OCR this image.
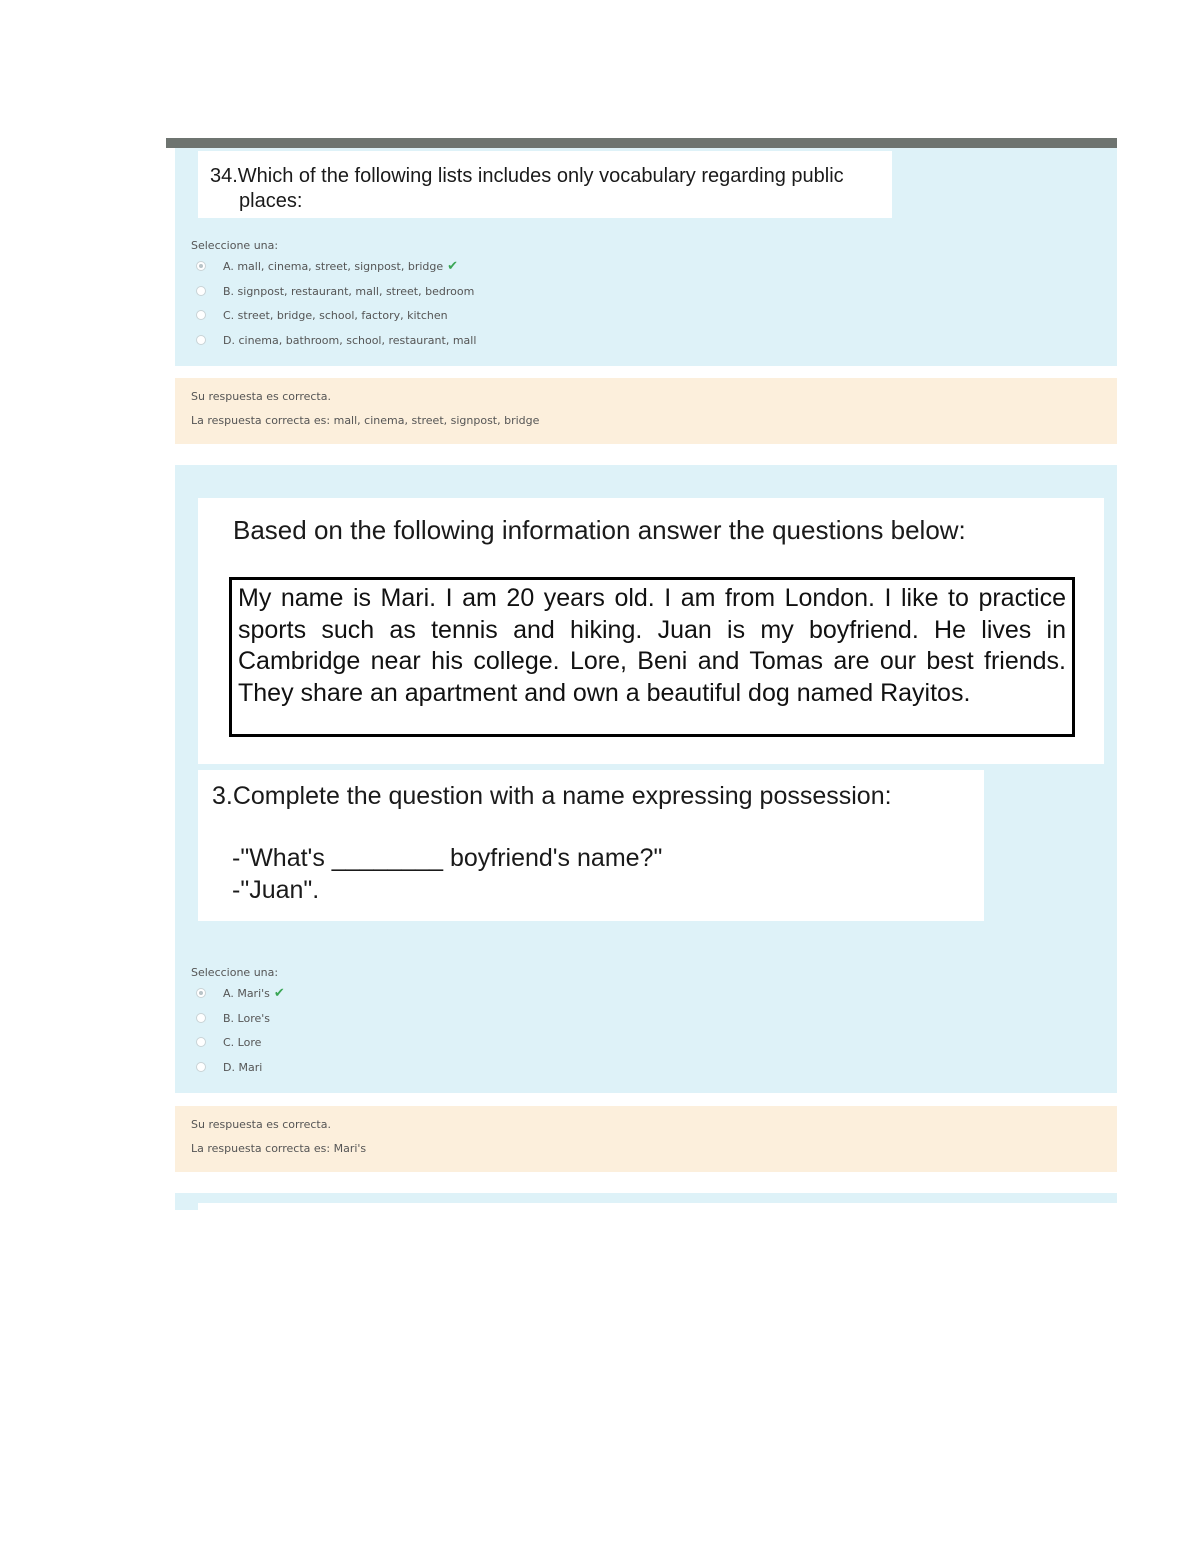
34.Which of the following lists includes only vocabulary regarding public
places:
Seleccione una:
A. mall, cinema, street, signpost, bridge ✔
B. signpost, restaurant, mall, street, bedroom
C. street, bridge, school, factory, kitchen
D. cinema, bathroom, school, restaurant, mall
Su respuesta es correcta.
La respuesta correcta es: mall, cinema, street, signpost, bridge
Based on the following information answer the questions below:
My name is Mari. I am 20 years old. I am from London. I like to practice sports such as tennis and hiking. Juan is my boyfriend. He lives in Cambridge near his college. Lore, Beni and Tomas are our best friends. They share an apartment and own a beautiful dog named Rayitos.
3.Complete the question with a name expressing possession:
-"What's ________ boyfriend's name?"
-"Juan".
Seleccione una:
A. Mari's ✔
B. Lore's
C. Lore
D. Mari
Su respuesta es correcta.
La respuesta correcta es: Mari's
